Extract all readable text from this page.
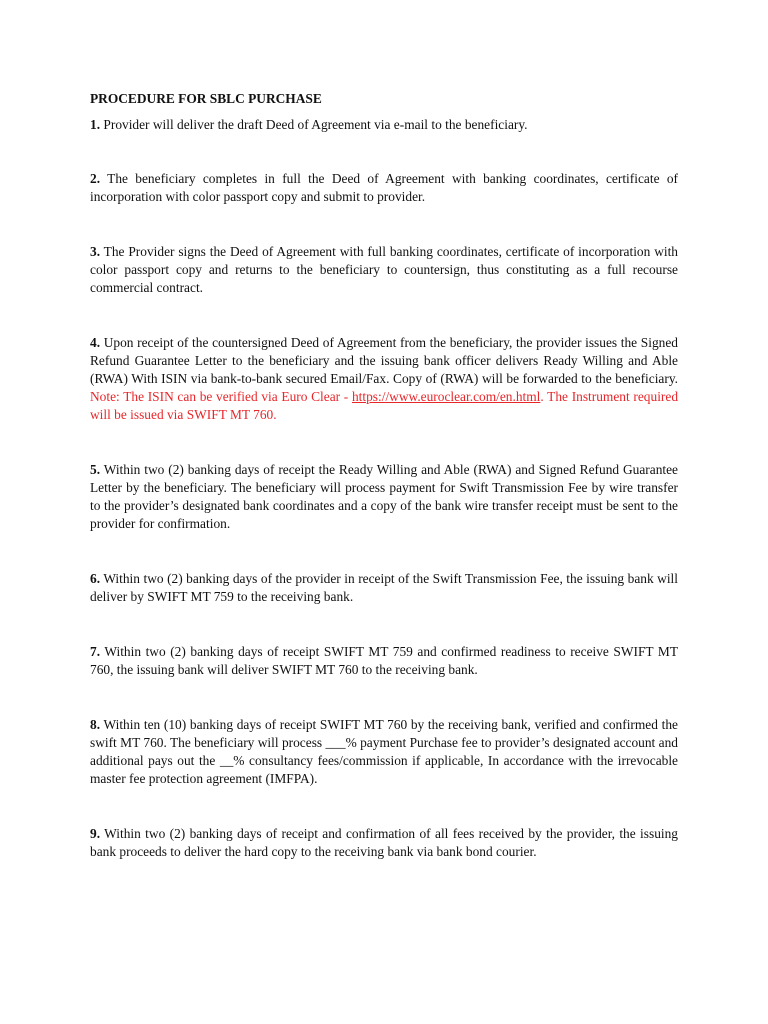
PROCEDURE FOR SBLC PURCHASE

1. Provider will deliver the draft Deed of Agreement via e-mail to the beneficiary.

2. The beneficiary completes in full the Deed of Agreement with banking coordinates, certificate of incorporation with color passport copy and submit to provider.

3. The Provider signs the Deed of Agreement with full banking coordinates, certificate of incorporation with color passport copy and returns to the beneficiary to countersign, thus constituting as a full recourse commercial contract.

4. Upon receipt of the countersigned Deed of Agreement from the beneficiary, the provider issues the Signed Refund Guarantee Letter to the beneficiary and the issuing bank officer delivers Ready Willing and Able (RWA) With ISIN via bank-to-bank secured Email/Fax. Copy of (RWA) will be forwarded to the beneficiary. Note: The ISIN can be verified via Euro Clear - https://www.euroclear.com/en.html. The Instrument required will be issued via SWIFT MT 760.

5. Within two (2) banking days of receipt the Ready Willing and Able (RWA) and Signed Refund Guarantee Letter by the beneficiary. The beneficiary will process payment for Swift Transmission Fee by wire transfer to the provider’s designated bank coordinates and a copy of the bank wire transfer receipt must be sent to the provider for confirmation.

6. Within two (2) banking days of the provider in receipt of the Swift Transmission Fee, the issuing bank will deliver by SWIFT MT 759 to the receiving bank.

7. Within two (2) banking days of receipt SWIFT MT 759 and confirmed readiness to receive SWIFT MT 760, the issuing bank will deliver SWIFT MT 760 to the receiving bank.

8. Within ten (10) banking days of receipt SWIFT MT 760 by the receiving bank, verified and confirmed the swift MT 760. The beneficiary will process ___% payment Purchase fee to provider’s designated account and additional pays out the __% consultancy fees/commission if applicable, In accordance with the irrevocable master fee protection agreement (IMFPA).

9. Within two (2) banking days of receipt and confirmation of all fees received by the provider, the issuing bank proceeds to deliver the hard copy to the receiving bank via bank bond courier.
